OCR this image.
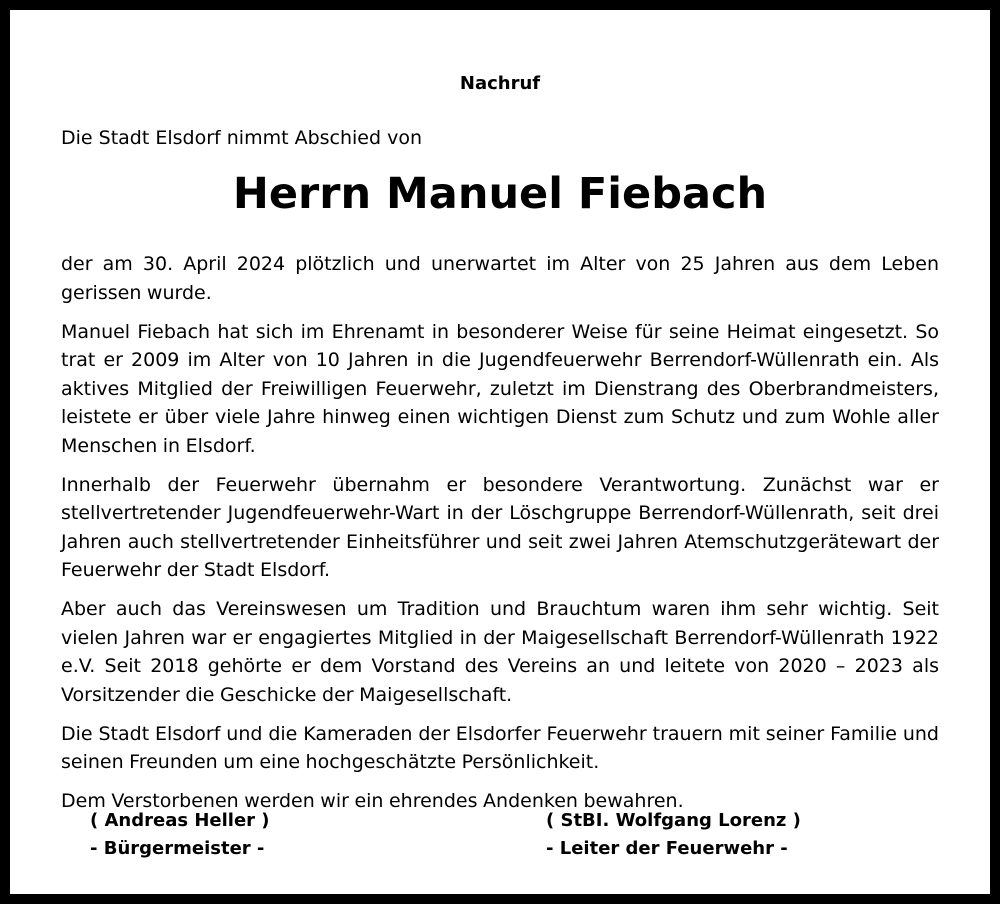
Nachruf
Die Stadt Elsdorf nimmt Abschied von
Herrn Manuel Fiebach

der am 30. April 2024 plötzlich und unerwartet im Alter von 25 Jahren aus dem Leben gerissen wurde.

Manuel Fiebach hat sich im Ehrenamt in besonderer Weise für seine Heimat eingesetzt. So trat er 2009 im Alter von 10 Jahren in die Jugendfeuerwehr Berrendorf-Wüllenrath ein. Als aktives Mitglied der Freiwilligen Feuerwehr, zuletzt im Dienstrang des Oberbrandmeisters, leistete er über viele Jahre hinweg einen wichtigen Dienst zum Schutz und zum Wohle aller Menschen in Elsdorf.

Innerhalb der Feuerwehr übernahm er besondere Verantwortung. Zunächst war er stellvertretender Jugendfeuerwehr-Wart in der Löschgruppe Berrendorf-Wüllenrath, seit drei Jahren auch stellvertretender Einheitsführer und seit zwei Jahren Atemschutzgerätewart der Feuerwehr der Stadt Elsdorf.

Aber auch das Vereinswesen um Tradition und Brauchtum waren ihm sehr wichtig. Seit vielen Jahren war er engagiertes Mitglied in der Maigesellschaft Berrendorf-Wüllenrath 1922 e.V. Seit 2018 gehörte er dem Vorstand des Vereins an und leitete von 2020 – 2023 als Vorsitzender die Geschicke der Maigesellschaft.

Die Stadt Elsdorf und die Kameraden der Elsdorfer Feuerwehr trauern mit seiner Familie und seinen Freunden um eine hochgeschätzte Persönlichkeit.

Dem Verstorbenen werden wir ein ehrendes Andenken bewahren.

( Andreas Heller )
- Bürgermeister -
( StBI. Wolfgang Lorenz )
- Leiter der Feuerwehr -
